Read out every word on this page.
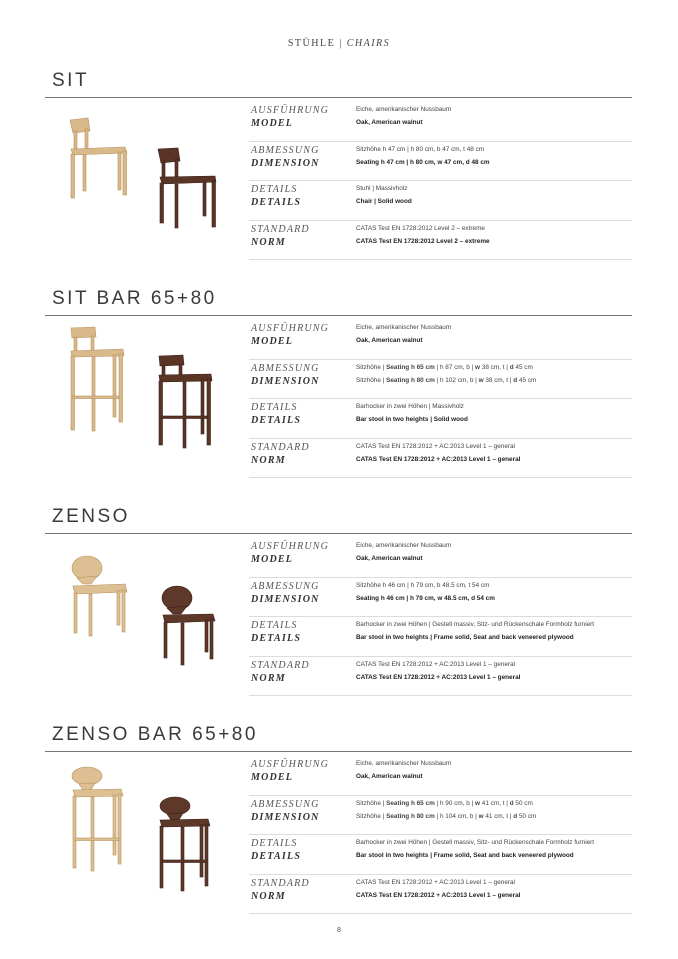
STÜHLE | CHAIRS
SIT
AUSFÜHRUNG
MODEL
Eiche, amerikanischer Nussbaum
Oak, American walnut
ABMESSUNG
DIMENSION
Sitzhöhe h 47 cm | h 80 cm, b 47 cm, t 48 cm
Seating h 47 cm | h 80 cm, w 47 cm, d 48 cm
DETAILS
DETAILS
Stuhl | Massivholz
Chair | Solid wood
STANDARD
NORM
CATAS Test EN 1728:2012 Level 2 – extreme
CATAS Test EN 1728:2012 Level 2 – extreme
SIT BAR 65+80
AUSFÜHRUNG
MODEL
Eiche, amerikanischer Nussbaum
Oak, American walnut
ABMESSUNG
DIMENSION
Sitzhöhe | Seating h 65 cm | h 87 cm, b | w 38 cm, t | d 45 cm
Sitzhöhe | Seating h 80 cm | h 102 cm, b | w 38 cm, t | d 45 cm
DETAILS
DETAILS
Barhocker in zwei Höhen | Massivholz
Bar stool in two heights | Solid wood
STANDARD
NORM
CATAS Test EN 1728:2012 + AC:2013 Level 1 – general
CATAS Test EN 1728:2012 + AC:2013 Level 1 – general
ZENSO
AUSFÜHRUNG
MODEL
Eiche, amerikanischer Nussbaum
Oak, American walnut
ABMESSUNG
DIMENSION
Sitzhöhe h 46 cm | h 79 cm, b 48.5 cm, t 54 cm
Seating h 46 cm | h 79 cm, w 48.5 cm, d 54 cm
DETAILS
DETAILS
Barhocker in zwei Höhen | Gestell massiv, Sitz- und Rückenschale Formholz furniert
Bar stool in two heights | Frame solid, Seat and back veneered plywood
STANDARD
NORM
CATAS Test EN 1728:2012 + AC:2013 Level 1 – general
CATAS Test EN 1728:2012 + AC:2013 Level 1 – general
ZENSO BAR 65+80
AUSFÜHRUNG
MODEL
Eiche, amerikanischer Nussbaum
Oak, American walnut
ABMESSUNG
DIMENSION
Sitzhöhe | Seating h 65 cm | h 90 cm, b | w 41 cm, t | d 50 cm
Sitzhöhe | Seating h 80 cm | h 104 cm, b | w 41 cm, t | d 50 cm
DETAILS
DETAILS
Barhocker in zwei Höhen | Gestell massiv, Sitz- und Rückenschale Formholz furniert
Bar stool in two heights | Frame solid, Seat and back veneered plywood
STANDARD
NORM
CATAS Test EN 1728:2012 + AC:2013 Level 1 – general
CATAS Test EN 1728:2012 + AC:2013 Level 1 – general
8
